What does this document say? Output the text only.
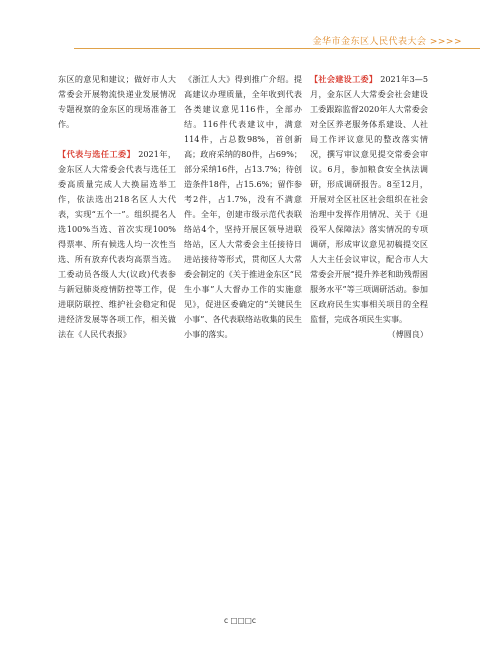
金华市金东区人民代表大会 >>>>

东区的意见和建议；做好市人大常委会开展物流快递业发展情况专题视察的金东区的现场准备工作。

【代表与选任工委】 2021年，金东区人大常委会代表与选任工委高质量完成人大换届选举工作，依法选出218名区人大代表，实现“五个一”。组织提名人选100%当选、首次实现100%得票率、所有候选人均一次性当选、所有放弃代表均高票当选。工委动员各级人大(议政)代表参与新冠肺炎疫情防控等工作，促进联防联控、维护社会稳定和促进经济发展等各项工作，相关做法在《人民代表报》

《浙江人大》得到推广介绍。提高建议办理质量，全年收到代表各类建议意见116件，全部办结。116件代表建议中，满意114件，占总数98%，首创新高；政府采纳的80件，占69%；部分采纳16件，占13.7%；待创造条件18件，占15.6%；留作参考2件，占1.7%，没有不满意件。全年，创建市级示范代表联络站4个，坚持开展区领导进联络站，区人大常委会主任接待日进站接待等形式，贯彻区人大常委会制定的《关于推进金东区“民生小事”人大督办工作的实施意见》，促进区委确定的“关键民生小事”、各代表联络站收集的民生小事的落实。

【社会建设工委】 2021年3—5月，金东区人大常委会社会建设工委跟踪监督2020年人大常委会对全区养老服务体系建设、人社局工作评议意见的整改落实情况，撰写审议意见提交常委会审议。6月，参加粮食安全执法调研，形成调研报告。8至12月，开展对全区社区社会组织在社会治理中发挥作用情况、关于《退役军人保障法》落实情况的专项调研，形成审议意见初稿提交区人大主任会议审议，配合市人大常委会开展“提升养老和助残帮困服务水平”等三项调研活动。参加区政府民生实事相关项目的全程监督，完成各项民生实事。

（傅圆良）

c □□□c
